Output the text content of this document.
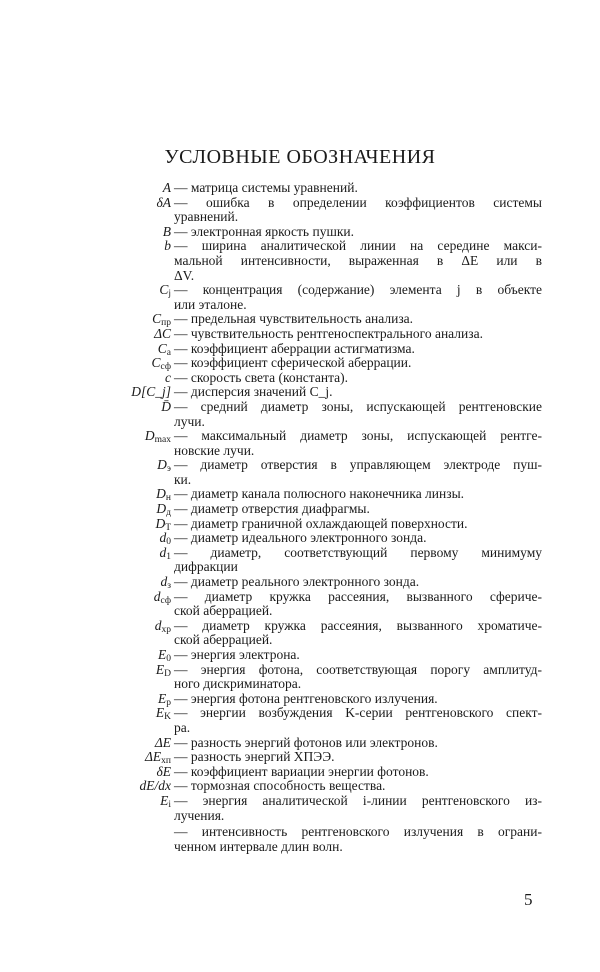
УСЛОВНЫЕ ОБОЗНАЧЕНИЯ
A — матрица системы уравнений.
δA — ошибка в определении коэффициентов системы
уравнений.
B — электронная яркость пушки.
b — ширина аналитической линии на середине макси-
мальной интенсивности, выраженная в ΔE или в
ΔV.
$C_j$ — концентрация (содержание) элемента j в объекте
или эталоне.
$C_{пр}$ — предельная чувствительность анализа.
ΔC — чувствительность рентгеноспектрального анализа.
$C_а$ — коэффициент аберрации астигматизма.
$C_{сф}$ — коэффициент сферической аберрации.
c — скорость света (константа).
D[C_j] — дисперсия значений C_j.
D̄ — средний диаметр зоны, испускающей рентгеновские
лучи.
$D_{max}$ — максимальный диаметр зоны, испускающей рентге-
новские лучи.
$D_э$ — диаметр отверстия в управляющем электроде пуш-
ки.
$D_н$ — диаметр канала полюсного наконечника линзы.
$D_д$ — диаметр отверстия диафрагмы.
$D_T$ — диаметр граничной охлаждающей поверхности.
$d_0$ — диаметр идеального электронного зонда.
$d_1$ — диаметр, соответствующий первому минимуму
дифракции
$d_з$ — диаметр реального электронного зонда.
$d_{сф}$ — диаметр кружка рассеяния, вызванного сфериче-
ской аберрацией.
$d_{хр}$ — диаметр кружка рассеяния, вызванного хроматиче-
ской аберрацией.
$E_0$ — энергия электрона.
$E_D$ — энергия фотона, соответствующая порогу амплитуд-
ного дискриминатора.
$E_р$ — энергия фотона рентгеновского излучения.
$E_K$ — энергии возбуждения K-серии рентгеновского спект-
ра.
ΔE — разность энергий фотонов или электронов.
$\Delta E_{хп}$ — разность энергий ХПЭЭ.
δE — коэффициент вариации энергии фотонов.
dE/dx — тормозная способность вещества.
$E_i$ — энергия аналитической i-линии рентгеновского из-
лучения.
— интенсивность рентгеновского излучения в ограни-
ченном интервале длин волн.
5
